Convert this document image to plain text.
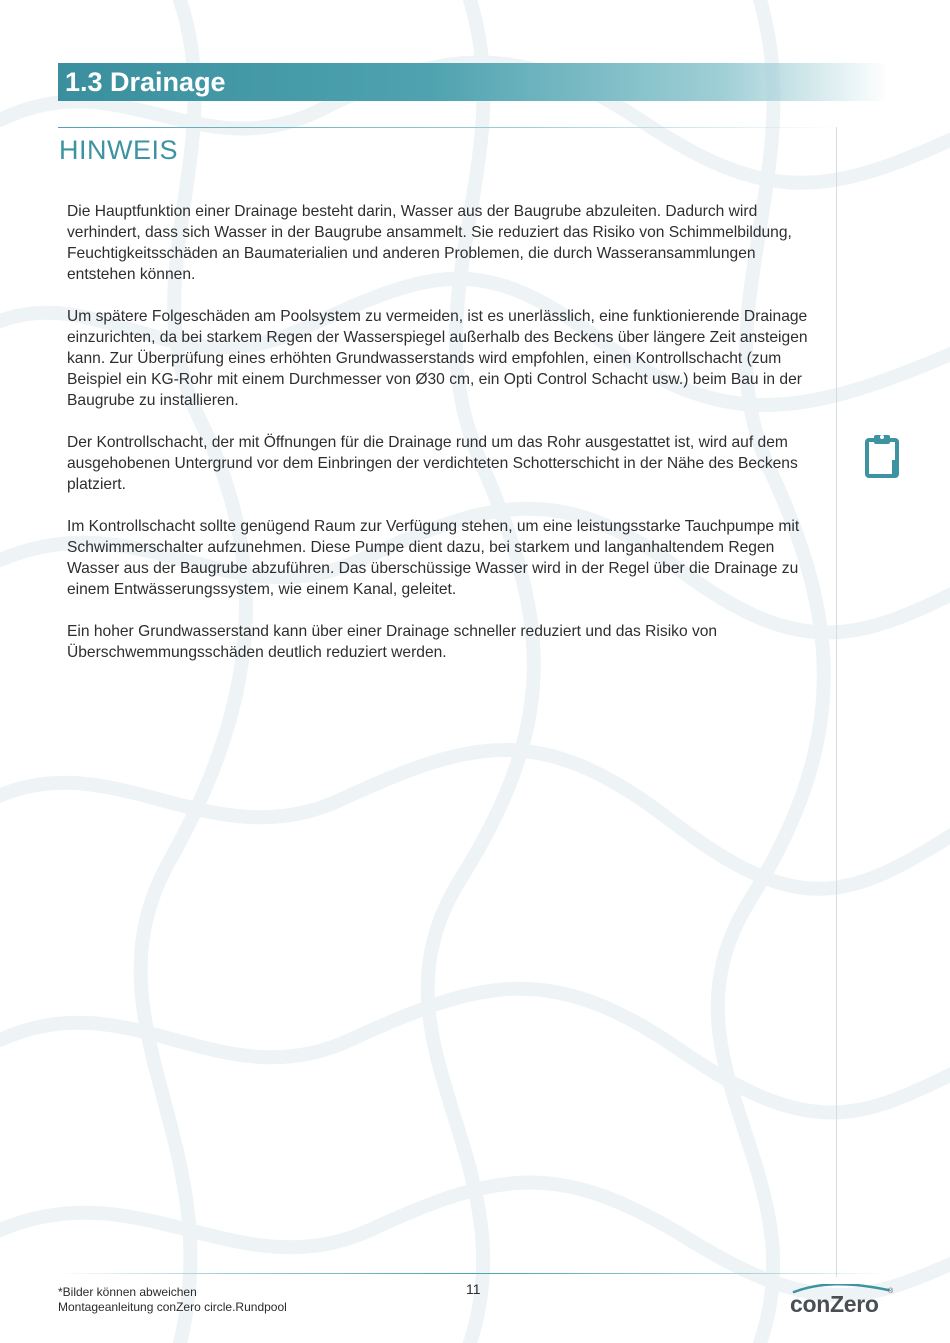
1.3 Drainage
HINWEIS

Die Hauptfunktion einer Drainage besteht darin, Wasser aus der Baugrube abzuleiten. Dadurch wird verhindert, dass sich Wasser in der Baugrube ansammelt. Sie reduziert das Risiko von Schimmelbildung, Feuchtigkeitsschäden an Baumaterialien und anderen Problemen, die durch Wasseransammlungen entstehen können.

Um spätere Folgeschäden am Poolsystem zu vermeiden, ist es unerlässlich, eine funktionierende Drainage einzurichten, da bei starkem Regen der Wasserspiegel außerhalb des Beckens über längere Zeit ansteigen kann. Zur Überprüfung eines erhöhten Grundwasserstands wird empfohlen, einen Kontrollschacht (zum Beispiel ein KG-Rohr mit einem Durchmesser von Ø30 cm, ein Opti Control Schacht usw.) beim Bau in der Baugrube zu installieren.

Der Kontrollschacht, der mit Öffnungen für die Drainage rund um das Rohr ausgestattet ist, wird auf dem ausgehobenen Untergrund vor dem Einbringen der verdichteten Schotterschicht in der Nähe des Beckens platziert.

Im Kontrollschacht sollte genügend Raum zur Verfügung stehen, um eine leistungsstarke Tauchpumpe mit Schwimmerschalter aufzunehmen. Diese Pumpe dient dazu, bei starkem und langanhaltendem Regen Wasser aus der Baugrube abzuführen. Das überschüssige Wasser wird in der Regel über die Drainage zu einem Entwässerungssystem, wie einem Kanal, geleitet.

Ein hoher Grundwasserstand kann über einer Drainage schneller reduziert und das Risiko von Überschwemmungsschäden deutlich reduziert werden.

*Bilder können abweichen
Montageanleitung conZero circle.Rundpool
11
conZero ®
